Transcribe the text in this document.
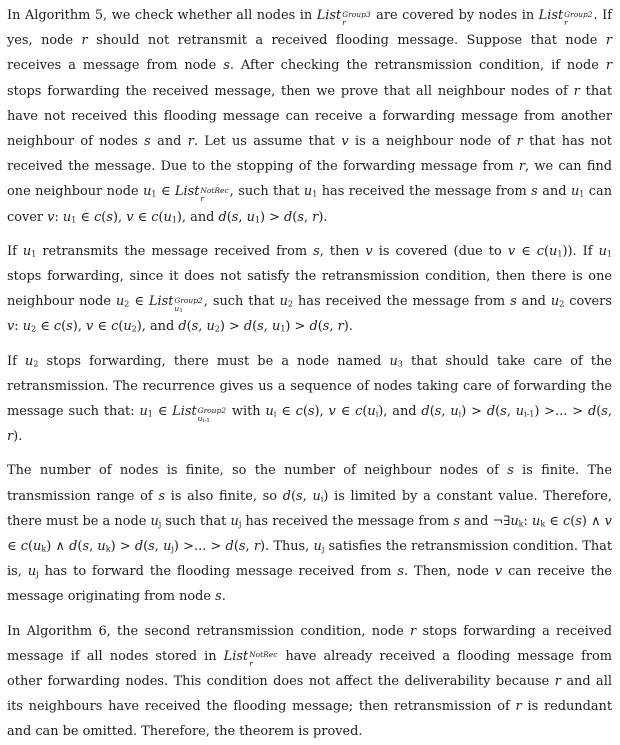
In Algorithm 5, we check whether all nodes in List Group3
r	are covered by nodes in List Group2
r	. If yes, node r should not retransmit a received flooding message. Suppose that node r receives a message from node s. After checking the retransmission condition, if node r stops forwarding the received message, then we prove that all neighbour nodes of r that have not received this flooding message can receive a forwarding message from another neighbour of nodes s and r. Let us assume that v is a neighbour node of r that has not received the message. Due to the stopping of the forwarding message from r, we can find one neighbour node $u_1$ ∈ List NotRec
r	, such that $u_1$ has received the message from s and $u_1$ can cover v: $u_1$ ∈ c(s), v ∈ $c(u_1)$, and d(s, $u_1) > d(s$, r).

If $u_1$ retransmits the message received from s, then v is covered (due to v ∈ $c(u_1)$). If $u_1$ stops forwarding, since it does not satisfy the retransmission condition, then there is one neighbour node $u_2$ ∈ List Group2
$u_1$
, such that $u_2$ has received the message from s and $u_2$ covers v: $u_2$ ∈ c(s), v ∈ $c(u_2)$, and d(s, $u_2) > d(s$, $u_1) > d(s$, r).

If $u_2$ stops forwarding, there must be a node named $u_3$ that should take care of the retransmission. The recurrence gives us a sequence of nodes taking care of forwarding the message such that: $u_1$ ∈ List Group2
$u_{i-1}$
with $u_i$ ∈ c(s), v ∈ $c(u_i)$, and d(s, $u_i) > d(s$, $u_{i-1}$) >... > d(s, r).

The number of nodes is finite, so the number of neighbour nodes of s is finite. The transmission range of s is also finite, so d(s, $u_i$) is limited by a constant value. Therefore, there must be a node $u_j$ such that $u_j$ has received the message from s and $\neg\exists u_k$: $u_k$ ∈ c(s) ∧ v ∈ $c(u_k)$ ∧ d(s, $u_k) > d(s$, $u_j$) >... > d(s, r). Thus, $u_j$ satisfies the retransmission condition. That is, $u_j$ has to forward the flooding message received from s. Then, node v can receive the message originating from node s.

In Algorithm 6, the second retransmission condition, node r stops forwarding a received message if all nodes stored in List NotRec
r	have already received a flooding message from other forwarding nodes. This condition does not affect the deliverability because r and all its neighbours have received the flooding message; then retransmission of r is redundant and can be omitted. Therefore, the theorem is proved.
